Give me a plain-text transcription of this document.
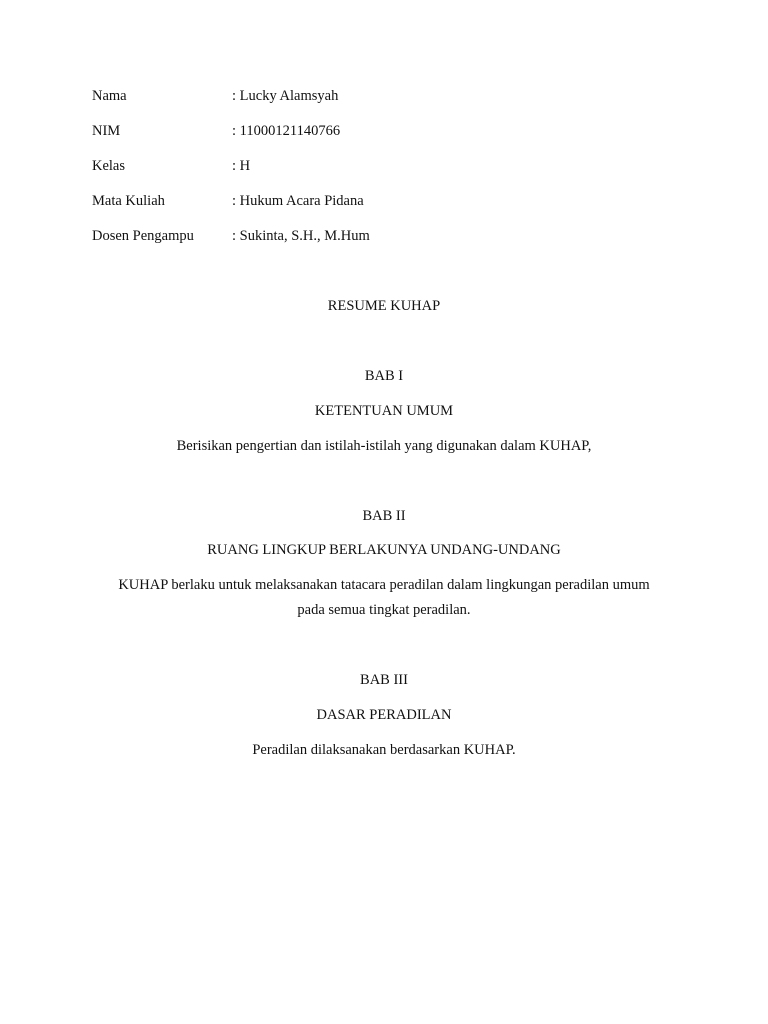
Nama	: Lucky Alamsyah
NIM	: 11000121140766
Kelas	: H
Mata Kuliah	: Hukum Acara Pidana
Dosen Pengampu	: Sukinta, S.H., M.Hum
RESUME KUHAP

BAB I

KETENTUAN UMUM

Berisikan pengertian dan istilah-istilah yang digunakan dalam KUHAP,

BAB II

RUANG LINGKUP BERLAKUNYA UNDANG-UNDANG

KUHAP berlaku untuk melaksanakan tatacara peradilan dalam lingkungan peradilan umum

pada semua tingkat peradilan.

BAB III

DASAR PERADILAN

Peradilan dilaksanakan berdasarkan KUHAP.
